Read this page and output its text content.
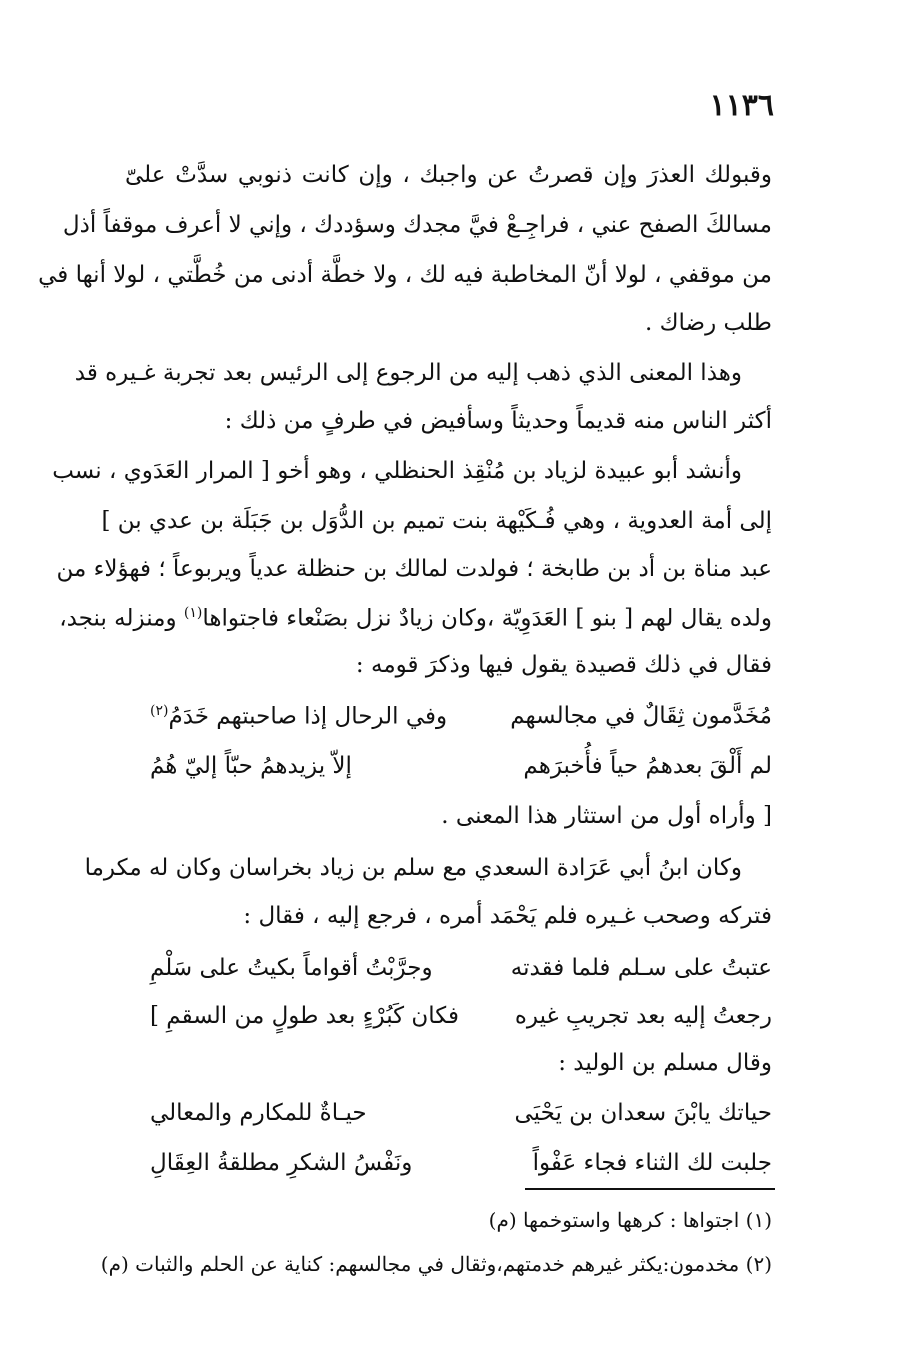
١١٣٦
وقبولك العذرَ وإن قصرتُ عن واجبك ، وإن كانت ذنوبي سدَّتْ علىّ
مسالكَ الصفح عني ، فراجِـعْ فيَّ مجدك وسؤددك ، وإني لا أعرف موقفاً أذل
من موقفي ، لولا أنّ المخاطبة فيه لك ، ولا خطَّة أدنى من خُطَّتي ، لولا أنها في
طلب رضاك .
وهذا المعنى الذي ذهب إليه من الرجوع إلى الرئيس بعد تجربة غـيره قد
أكثر الناس منه قديماً وحديثاً وسأفيض في طرفٍ من ذلك :
وأنشد أبو عبيدة لزياد بن مُنْقِذ الحنظلي ، وهو أخو [ المرار العَدَوي ، نسب
إلى أمة العدوية ، وهي فُـكَيْهة بنت تميم بن الدُّوَل بن جَبَلَة بن عدي بن ]
عبد مناة بن أد بن طابخة ؛ فولدت لمالك بن حنظلة عدياً ويربوعاً ؛ فهؤلاء من
ولده يقال لهم [ بنو ] العَدَوِيّة ،وكان زيادٌ نزل بصَنْعاء فاجتواها$^{(١)}$ ومنزله بنجد،
فقال في ذلك قصيدة يقول فيها وذكرَ قومه :
مُخَدَّمون ثِقَالٌ في مجالسهم
وفي الرحال إذا صاحبتهم خَدَمُ$^{(٢)}$
لم أَلْقَ بعدهمُ حياً فأُخبرَهم
إلاّ يزيدهمُ حبّاً إليّ هُمُ
[ وأراه أول من استثار هذا المعنى .
وكان ابنُ أبي عَرَادة السعدي مع سلم بن زياد بخراسان وكان له مكرما
فتركه وصحب غـيره فلم يَحْمَد أمره ، فرجع إليه ، فقال :
عتبتُ على سـلم فلما فقدته
وجرَّبْتُ أقواماً بكيتُ على سَلْمِ
رجعتُ إليه بعد تجريبِ غيره
فكان كَبُرْءٍ بعد طولٍ من السقمِ ]
وقال مسلم بن الوليد :
حياتك يابْنَ سعدان بن يَحْيَى
حيـاةٌ للمكارم والمعالي
جلبت لك الثناء فجاء عَفْواً
ونَفْسُ الشكرِ مطلقةُ العِقَالِ
(١) اجتواها : كرهها واستوخمها (م)
(٢) مخدمون:يكثر غيرهم خدمتهم،وثقال في مجالسهم: كناية عن الحلم والثبات (م)
